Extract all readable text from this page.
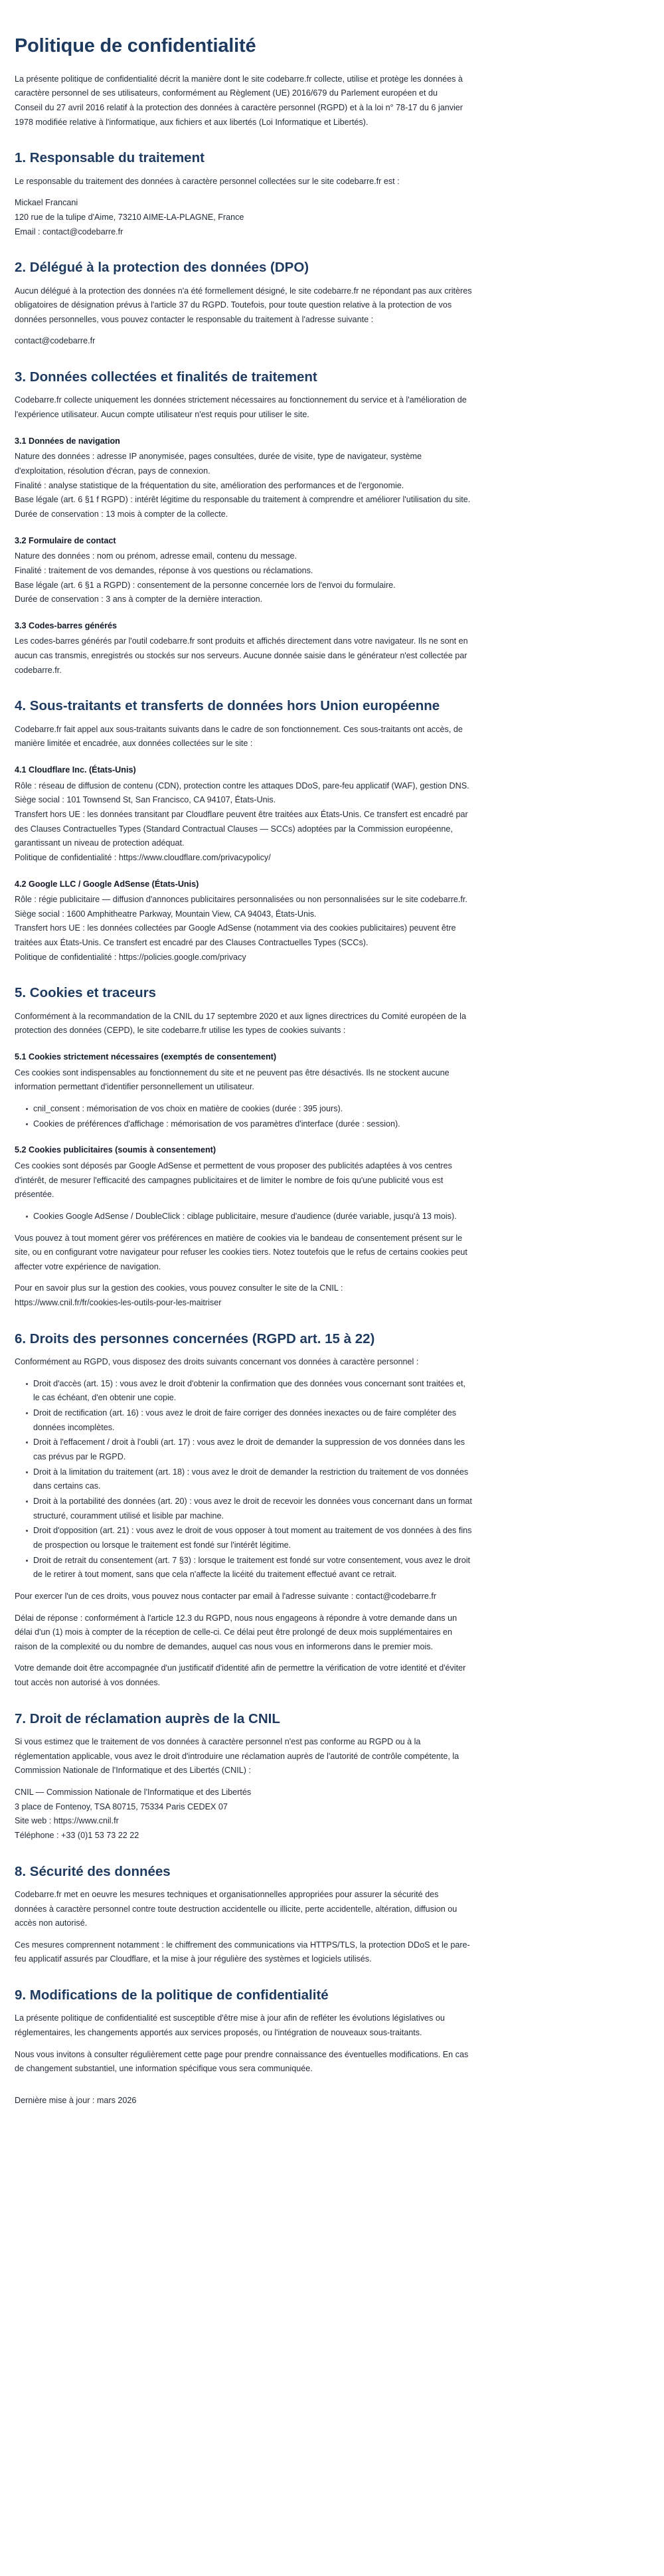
Politique de confidentialité

La présente politique de confidentialité décrit la manière dont le site codebarre.fr collecte, utilise et protège les données à caractère personnel de ses utilisateurs, conformément au Règlement (UE) 2016/679 du Parlement européen et du Conseil du 27 avril 2016 relatif à la protection des données à caractère personnel (RGPD) et à la loi n° 78-17 du 6 janvier 1978 modifiée relative à l'informatique, aux fichiers et aux libertés (Loi Informatique et Libertés).

1. Responsable du traitement

Le responsable du traitement des données à caractère personnel collectées sur le site codebarre.fr est :

Mickael Francani

120 rue de la tulipe d'Aime, 73210 AIME-LA-PLAGNE, France

Email : contact@codebarre.fr

2. Délégué à la protection des données (DPO)

Aucun délégué à la protection des données n'a été formellement désigné, le site codebarre.fr ne répondant pas aux critères obligatoires de désignation prévus à l'article 37 du RGPD. Toutefois, pour toute question relative à la protection de vos données personnelles, vous pouvez contacter le responsable du traitement à l'adresse suivante :

contact@codebarre.fr

3. Données collectées et finalités de traitement

Codebarre.fr collecte uniquement les données strictement nécessaires au fonctionnement du service et à l'amélioration de l'expérience utilisateur. Aucun compte utilisateur n'est requis pour utiliser le site.

3.1 Données de navigation

Nature des données : adresse IP anonymisée, pages consultées, durée de visite, type de navigateur, système d'exploitation, résolution d'écran, pays de connexion.

Finalité : analyse statistique de la fréquentation du site, amélioration des performances et de l'ergonomie.

Base légale (art. 6 §1 f RGPD) : intérêt légitime du responsable du traitement à comprendre et améliorer l'utilisation du site.

Durée de conservation : 13 mois à compter de la collecte.

3.2 Formulaire de contact

Nature des données : nom ou prénom, adresse email, contenu du message.

Finalité : traitement de vos demandes, réponse à vos questions ou réclamations.

Base légale (art. 6 §1 a RGPD) : consentement de la personne concernée lors de l'envoi du formulaire.

Durée de conservation : 3 ans à compter de la dernière interaction.

3.3 Codes-barres générés

Les codes-barres générés par l'outil codebarre.fr sont produits et affichés directement dans votre navigateur. Ils ne sont en aucun cas transmis, enregistrés ou stockés sur nos serveurs. Aucune donnée saisie dans le générateur n'est collectée par codebarre.fr.

4. Sous-traitants et transferts de données hors Union européenne

Codebarre.fr fait appel aux sous-traitants suivants dans le cadre de son fonctionnement. Ces sous-traitants ont accès, de manière limitée et encadrée, aux données collectées sur le site :

4.1 Cloudflare Inc. (États-Unis)

Rôle : réseau de diffusion de contenu (CDN), protection contre les attaques DDoS, pare-feu applicatif (WAF), gestion DNS.

Siège social : 101 Townsend St, San Francisco, CA 94107, États-Unis.

Transfert hors UE : les données transitant par Cloudflare peuvent être traitées aux États-Unis. Ce transfert est encadré par des Clauses Contractuelles Types (Standard Contractual Clauses — SCCs) adoptées par la Commission européenne, garantissant un niveau de protection adéquat.

Politique de confidentialité : https://www.cloudflare.com/privacypolicy/

4.2 Google LLC / Google AdSense (États-Unis)

Rôle : régie publicitaire — diffusion d'annonces publicitaires personnalisées ou non personnalisées sur le site codebarre.fr.

Siège social : 1600 Amphitheatre Parkway, Mountain View, CA 94043, États-Unis.

Transfert hors UE : les données collectées par Google AdSense (notamment via des cookies publicitaires) peuvent être traitées aux États-Unis. Ce transfert est encadré par des Clauses Contractuelles Types (SCCs).

Politique de confidentialité : https://policies.google.com/privacy

5. Cookies et traceurs

Conformément à la recommandation de la CNIL du 17 septembre 2020 et aux lignes directrices du Comité européen de la protection des données (CEPD), le site codebarre.fr utilise les types de cookies suivants :

5.1 Cookies strictement nécessaires (exemptés de consentement)

Ces cookies sont indispensables au fonctionnement du site et ne peuvent pas être désactivés. Ils ne stockent aucune information permettant d'identifier personnellement un utilisateur.

cnil_consent : mémorisation de vos choix en matière de cookies (durée : 395 jours).
Cookies de préférences d'affichage : mémorisation de vos paramètres d'interface (durée : session).
5.2 Cookies publicitaires (soumis à consentement)

Ces cookies sont déposés par Google AdSense et permettent de vous proposer des publicités adaptées à vos centres d'intérêt, de mesurer l'efficacité des campagnes publicitaires et de limiter le nombre de fois qu'une publicité vous est présentée.

Cookies Google AdSense / DoubleClick : ciblage publicitaire, mesure d'audience (durée variable, jusqu'à 13 mois).

Vous pouvez à tout moment gérer vos préférences en matière de cookies via le bandeau de consentement présent sur le site, ou en configurant votre navigateur pour refuser les cookies tiers. Notez toutefois que le refus de certains cookies peut affecter votre expérience de navigation.

Pour en savoir plus sur la gestion des cookies, vous pouvez consulter le site de la CNIL :

https://www.cnil.fr/fr/cookies-les-outils-pour-les-maitriser

6. Droits des personnes concernées (RGPD art. 15 à 22)

Conformément au RGPD, vous disposez des droits suivants concernant vos données à caractère personnel :

Droit d'accès (art. 15) : vous avez le droit d'obtenir la confirmation que des données vous concernant sont traitées et, le cas échéant, d'en obtenir une copie.
Droit de rectification (art. 16) : vous avez le droit de faire corriger des données inexactes ou de faire compléter des données incomplètes.
Droit à l'effacement / droit à l'oubli (art. 17) : vous avez le droit de demander la suppression de vos données dans les cas prévus par le RGPD.
Droit à la limitation du traitement (art. 18) : vous avez le droit de demander la restriction du traitement de vos données dans certains cas.
Droit à la portabilité des données (art. 20) : vous avez le droit de recevoir les données vous concernant dans un format structuré, couramment utilisé et lisible par machine.
Droit d'opposition (art. 21) : vous avez le droit de vous opposer à tout moment au traitement de vos données à des fins de prospection ou lorsque le traitement est fondé sur l'intérêt légitime.
Droit de retrait du consentement (art. 7 §3) : lorsque le traitement est fondé sur votre consentement, vous avez le droit de le retirer à tout moment, sans que cela n'affecte la licéité du traitement effectué avant ce retrait.

Pour exercer l'un de ces droits, vous pouvez nous contacter par email à l'adresse suivante : contact@codebarre.fr

Délai de réponse : conformément à l'article 12.3 du RGPD, nous nous engageons à répondre à votre demande dans un délai d'un (1) mois à compter de la réception de celle-ci. Ce délai peut être prolongé de deux mois supplémentaires en raison de la complexité ou du nombre de demandes, auquel cas nous vous en informerons dans le premier mois.

Votre demande doit être accompagnée d'un justificatif d'identité afin de permettre la vérification de votre identité et d'éviter tout accès non autorisé à vos données.

7. Droit de réclamation auprès de la CNIL

Si vous estimez que le traitement de vos données à caractère personnel n'est pas conforme au RGPD ou à la réglementation applicable, vous avez le droit d'introduire une réclamation auprès de l'autorité de contrôle compétente, la Commission Nationale de l'Informatique et des Libertés (CNIL) :

CNIL — Commission Nationale de l'Informatique et des Libertés

3 place de Fontenoy, TSA 80715, 75334 Paris CEDEX 07

Site web : https://www.cnil.fr

Téléphone : +33 (0)1 53 73 22 22

8. Sécurité des données

Codebarre.fr met en oeuvre les mesures techniques et organisationnelles appropriées pour assurer la sécurité des données à caractère personnel contre toute destruction accidentelle ou illicite, perte accidentelle, altération, diffusion ou accès non autorisé.

Ces mesures comprennent notamment : le chiffrement des communications via HTTPS/TLS, la protection DDoS et le pare-feu applicatif assurés par Cloudflare, et la mise à jour régulière des systèmes et logiciels utilisés.

9. Modifications de la politique de confidentialité

La présente politique de confidentialité est susceptible d'être mise à jour afin de refléter les évolutions législatives ou réglementaires, les changements apportés aux services proposés, ou l'intégration de nouveaux sous-traitants.

Nous vous invitons à consulter régulièrement cette page pour prendre connaissance des éventuelles modifications. En cas de changement substantiel, une information spécifique vous sera communiquée.

Dernière mise à jour : mars 2026
